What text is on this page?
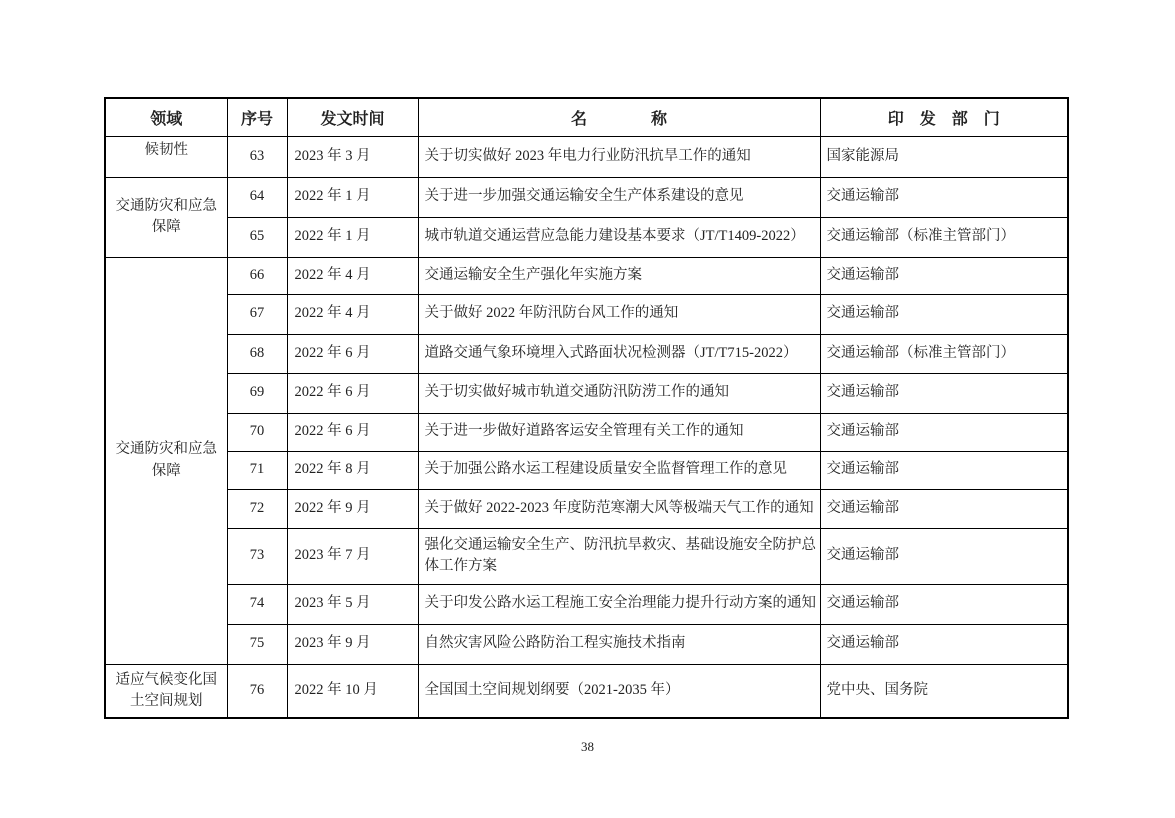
领域	序号	发文时间	名　　　　称	印　发　部　门
候韧性	63	2023 年 3 月	关于切实做好 2023 年电力行业防汛抗旱工作的通知	国家能源局
交通防灾和应急保障	64	2022 年 1 月	关于进一步加强交通运输安全生产体系建设的意见	交通运输部
	65	2022 年 1 月	城市轨道交通运营应急能力建设基本要求（JT/T1409-2022）	交通运输部（标准主管部门）
交通防灾和应急保障	66	2022 年 4 月	交通运输安全生产强化年实施方案	交通运输部
	67	2022 年 4 月	关于做好 2022 年防汛防台风工作的通知	交通运输部
	68	2022 年 6 月	道路交通气象环境埋入式路面状况检测器（JT/T715-2022）	交通运输部（标准主管部门）
	69	2022 年 6 月	关于切实做好城市轨道交通防汛防涝工作的通知	交通运输部
	70	2022 年 6 月	关于进一步做好道路客运安全管理有关工作的通知	交通运输部
	71	2022 年 8 月	关于加强公路水运工程建设质量安全监督管理工作的意见	交通运输部
	72	2022 年 9 月	关于做好 2022-2023 年度防范寒潮大风等极端天气工作的通知	交通运输部
	73	2023 年 7 月	强化交通运输安全生产、防汛抗旱救灾、基础设施安全防护总体工作方案	交通运输部
	74	2023 年 5 月	关于印发公路水运工程施工安全治理能力提升行动方案的通知	交通运输部
	75	2023 年 9 月	自然灾害风险公路防治工程实施技术指南	交通运输部
适应气候变化国土空间规划	76	2022 年 10 月	全国国土空间规划纲要（2021-2035 年）	党中央、国务院
38
